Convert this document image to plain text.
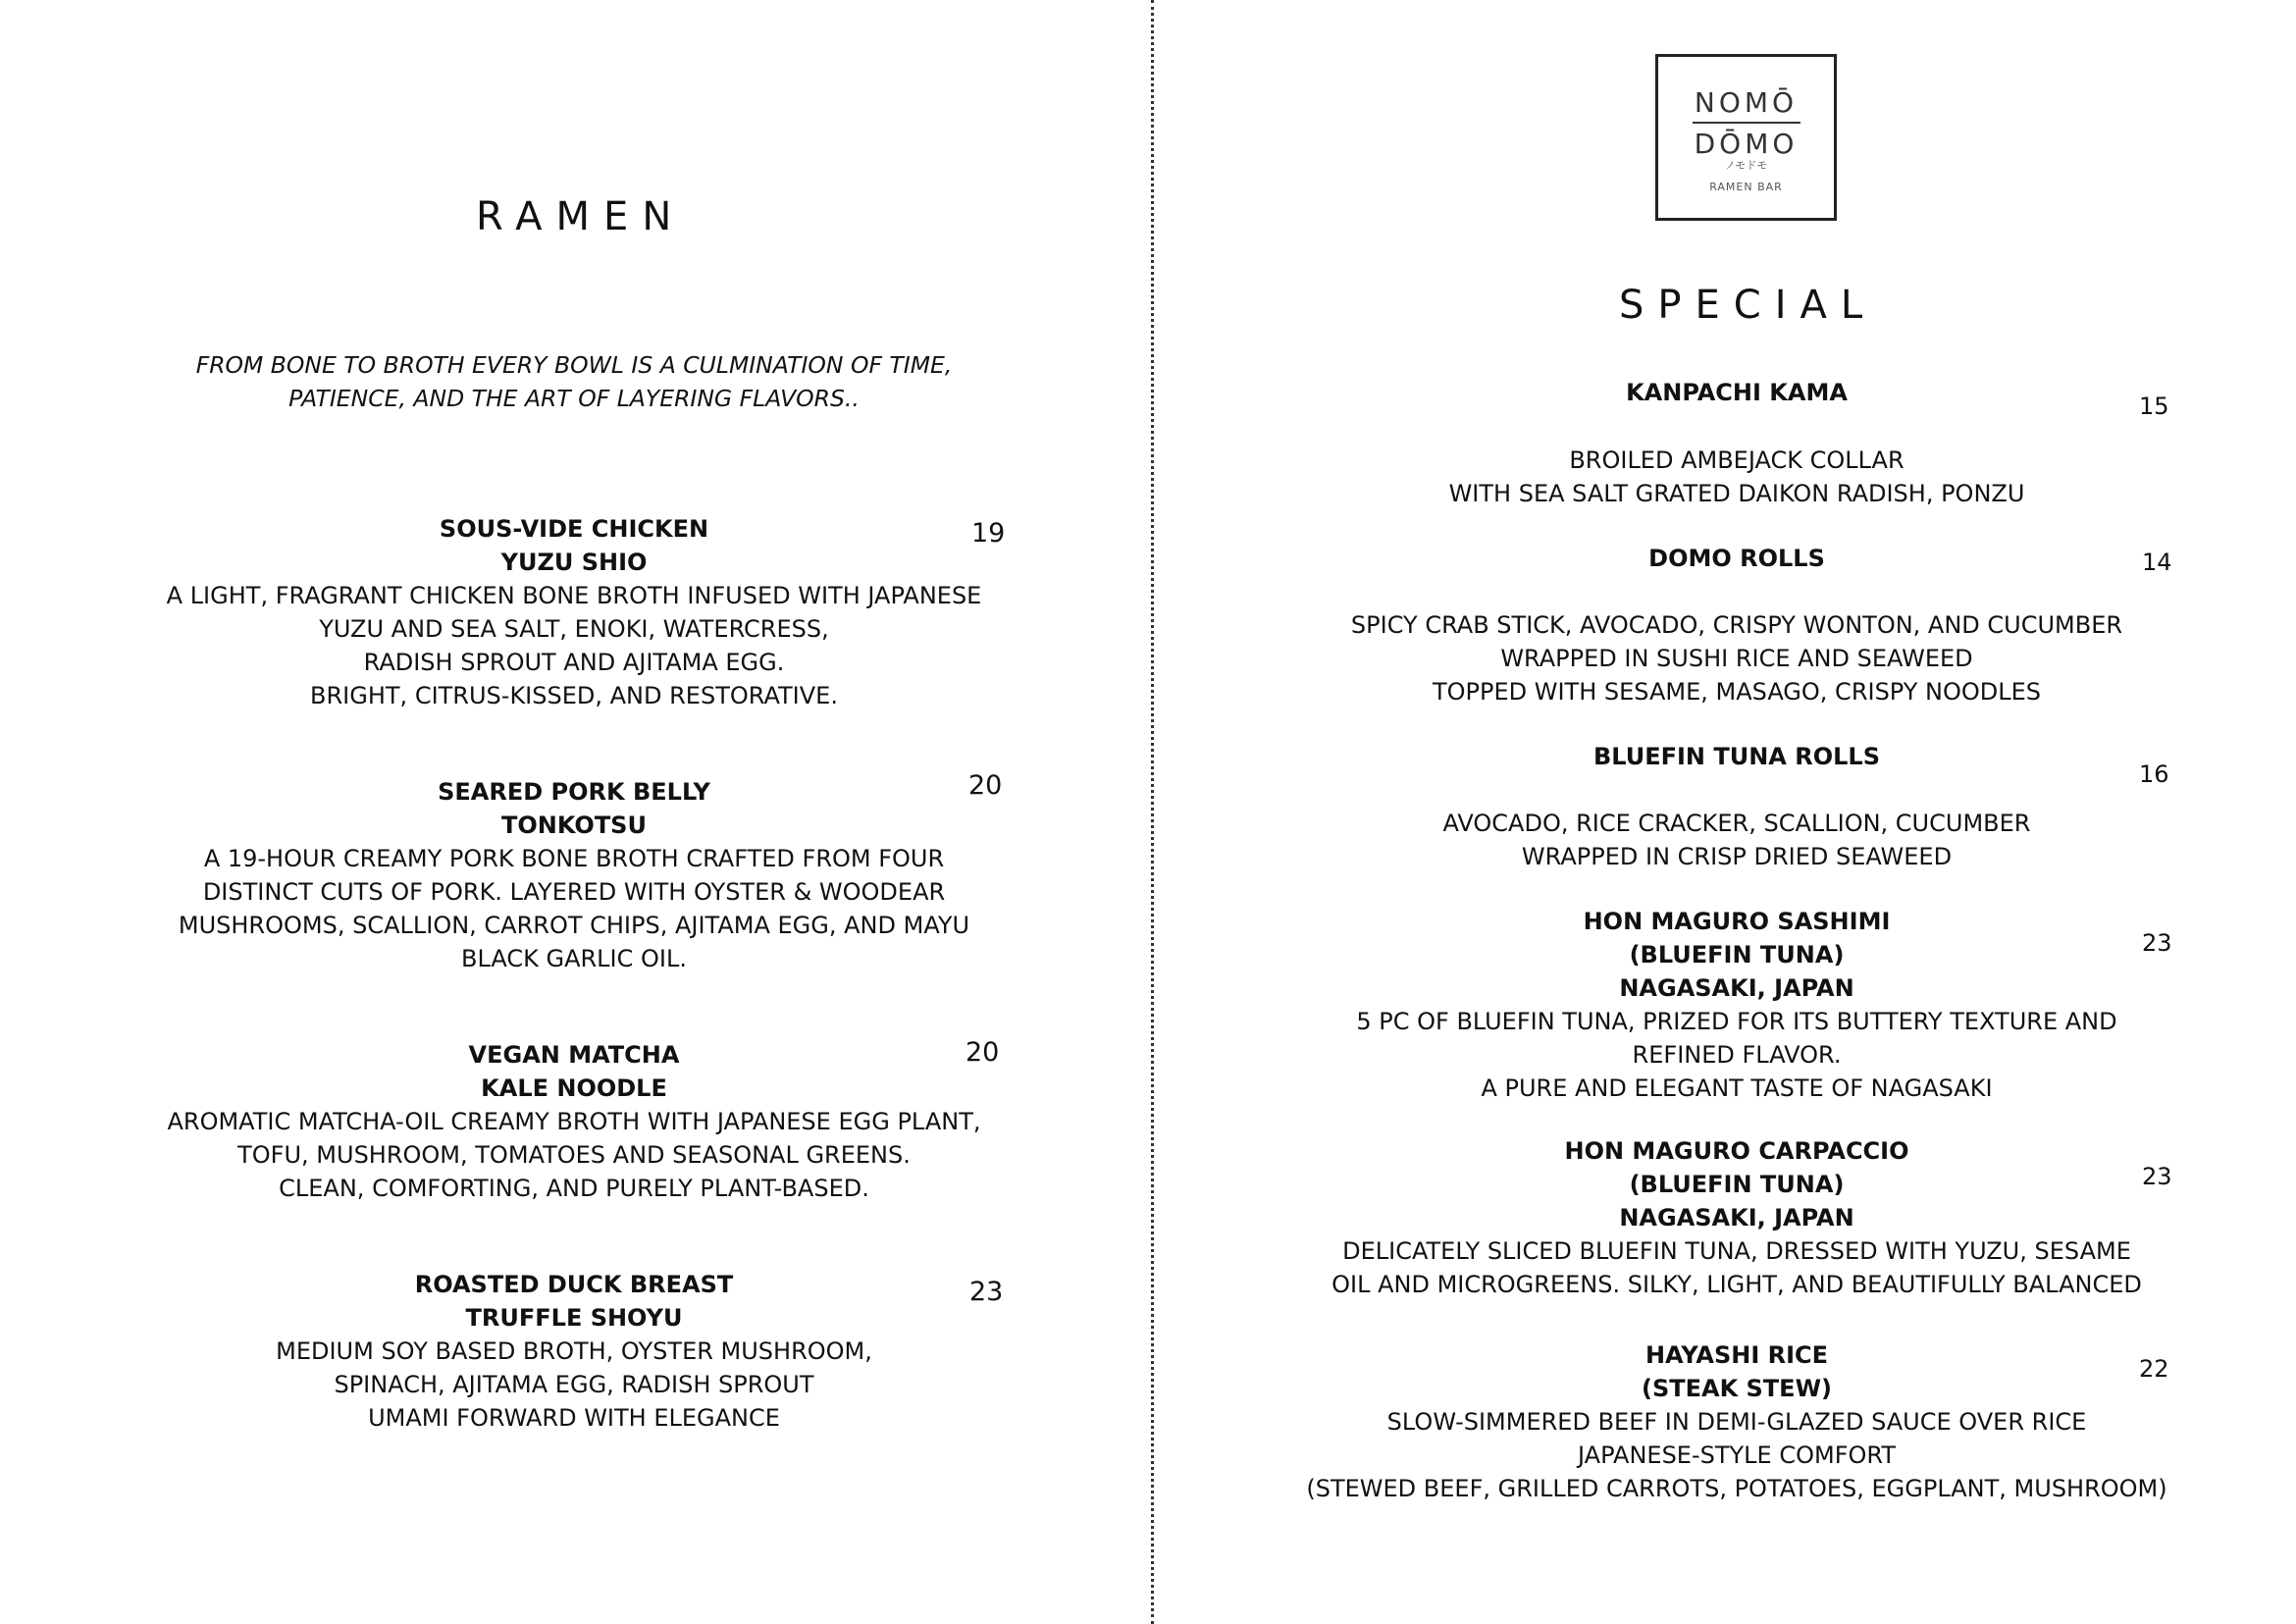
RAMEN
FROM BONE TO BROTH EVERY BOWL IS A CULMINATION OF TIME,
PATIENCE, AND THE ART OF LAYERING FLAVORS..
SOUS-VIDE CHICKEN
YUZU SHIO
19
A LIGHT, FRAGRANT CHICKEN BONE BROTH INFUSED WITH JAPANESE
YUZU AND SEA SALT, ENOKI, WATERCRESS,
RADISH SPROUT AND AJITAMA EGG.
BRIGHT, CITRUS-KISSED, AND RESTORATIVE.
SEARED PORK BELLY
TONKOTSU
20
A 19-HOUR CREAMY PORK BONE BROTH CRAFTED FROM FOUR
DISTINCT CUTS OF PORK. LAYERED WITH OYSTER & WOODEAR
MUSHROOMS, SCALLION, CARROT CHIPS, AJITAMA EGG, AND MAYU
BLACK GARLIC OIL.
VEGAN MATCHA
KALE NOODLE
20
AROMATIC MATCHA-OIL CREAMY BROTH WITH JAPANESE EGG PLANT,
TOFU, MUSHROOM, TOMATOES AND SEASONAL GREENS.
CLEAN, COMFORTING, AND PURELY PLANT-BASED.
ROASTED DUCK BREAST
TRUFFLE SHOYU
23
MEDIUM SOY BASED BROTH, OYSTER MUSHROOM,
SPINACH, AJITAMA EGG, RADISH SPROUT
UMAMI FORWARD WITH ELEGANCE
NOMŌ
DŌMO
ノモドモ
RAMEN BAR
SPECIAL
KANPACHI KAMA	15
BROILED AMBEJACK COLLAR
WITH SEA SALT GRATED DAIKON RADISH, PONZU
DOMO ROLLS	14
SPICY CRAB STICK, AVOCADO, CRISPY WONTON, AND CUCUMBER
WRAPPED IN SUSHI RICE AND SEAWEED
TOPPED WITH SESAME, MASAGO, CRISPY NOODLES
BLUEFIN TUNA ROLLS
16
AVOCADO, RICE CRACKER, SCALLION, CUCUMBER
WRAPPED IN CRISP DRIED SEAWEED
HON MAGURO SASHIMI
(BLUEFIN TUNA)
NAGASAKI, JAPAN
23
5 PC OF BLUEFIN TUNA, PRIZED FOR ITS BUTTERY TEXTURE AND
REFINED FLAVOR.
A PURE AND ELEGANT TASTE OF NAGASAKI
HON MAGURO CARPACCIO
(BLUEFIN TUNA)
NAGASAKI, JAPAN
23
DELICATELY SLICED BLUEFIN TUNA, DRESSED WITH YUZU, SESAME
OIL AND MICROGREENS. SILKY, LIGHT, AND BEAUTIFULLY BALANCED
HAYASHI RICE
(STEAK STEW)
22
SLOW-SIMMERED BEEF IN DEMI-GLAZED SAUCE OVER RICE
JAPANESE-STYLE COMFORT
(STEWED BEEF, GRILLED CARROTS, POTATOES, EGGPLANT, MUSHROOM)
